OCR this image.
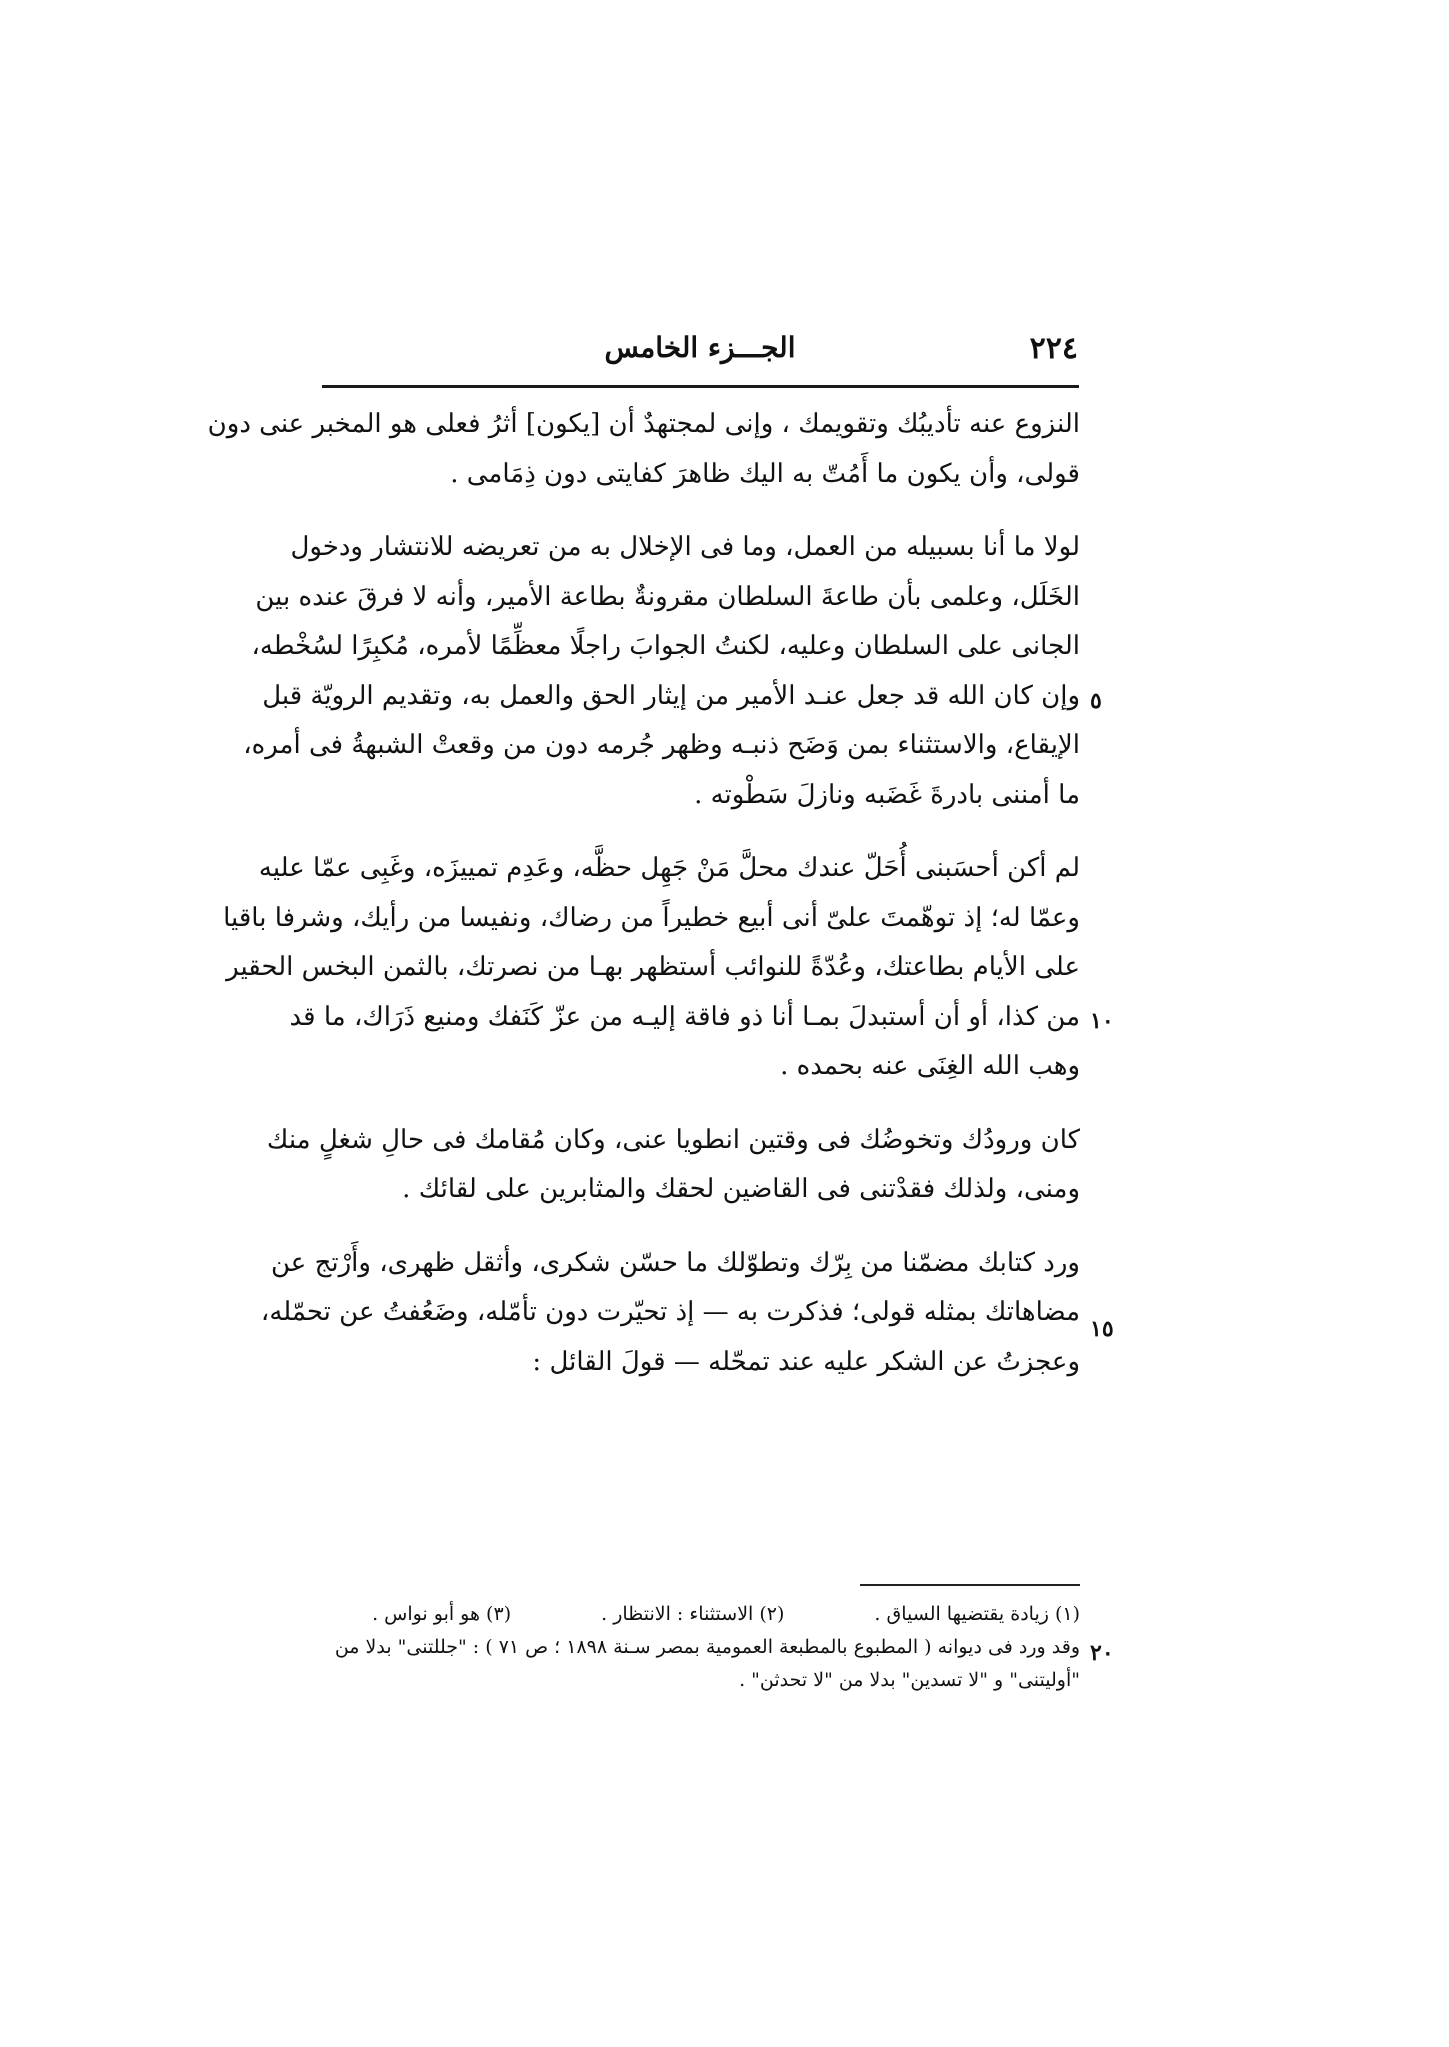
٢٢٤
الجـــزء الخامس

النزوع عنه تأديبُك وتقويمك ، وإنى لمجتهدٌ أن [يكون] أثرُ فعلى هو المخبر عنى دون
قولى، وأن يكون ما أَمُتّ به اليك ظاهرَ كفايتى دون ذِمَامى .

لولا ما أنا بسبيله من العمل، وما فى الإخلال به من تعريضه للانتشار ودخول
الخَلَل، وعلمى بأن طاعةَ السلطان مقرونةٌ بطاعة الأمير، وأنه لا فرقَ عنده بين
الجانى على السلطان وعليه، لكنتُ الجوابَ راجلًا معظِّمًا لأمره، مُكبِرًا لسُخْطه،
وإن كان الله قد جعل عنـد الأمير من إيثار الحق والعمل به، وتقديم الرويّة قبل
الإيقاع، والاستثناء بمن وَضَح ذنبـه وظهر جُرمه دون من وقعتْ الشبهةُ فى أمره،
ما أمننى بادرةَ غَضَبه ونازلَ سَطْوته .

لم أكن أحسَبنى أُحَلّ عندك محلَّ مَنْ جَهِل حظَّه، وعَدِم تمييزَه، وغَبِى عمّا عليه
وعمّا له؛ إذ توهّمتَ علىّ أنى أبيع خطيراً من رضاك، ونفيسا من رأيك، وشرفا باقيا
على الأيام بطاعتك، وعُدّةً للنوائب أستظهر بهـا من نصرتك، بالثمن البخس الحقير
من كذا، أو أن أستبدلَ بمـا أنا ذو فاقة إليـه من عزّ كَنَفك ومنيع ذَرَاك، ما قد
وهب الله الغِنَى عنه بحمده .

كان ورودُك وتخوضُك فى وقتين انطويا عنى، وكان مُقامك فى حالِ شغلٍ منك
ومنى، ولذلك فقدْتنى فى القاضين لحقك والمثابرين على لقائك .

ورد كتابك مضمّنا من بِرّك وتطوّلك ما حسّن شكرى، وأثقل ظهرى، وأَرْتج عن
مضاهاتك بمثله قولى؛ فذكرت به — إذ تحيّرت دون تأمّله، وضَعُفتُ عن تحمّله،
وعجزتُ عن الشكر عليه عند تمحّله — قولَ القائل :

٥
١٠
١٥
٢٠
(١) زيادة يقتضيها السياق .
(٢) الاستثناء : الانتظار .
(٣) هو أبو نواس .
وقد ورد فى ديوانه ( المطبوع بالمطبعة العمومية بمصر سـنة ١٨٩٨ ؛ ص ٧١ ) : "جللتنى" بدلا من
"أوليتنى" و "لا تسدين" بدلا من "لا تحدثن" .
